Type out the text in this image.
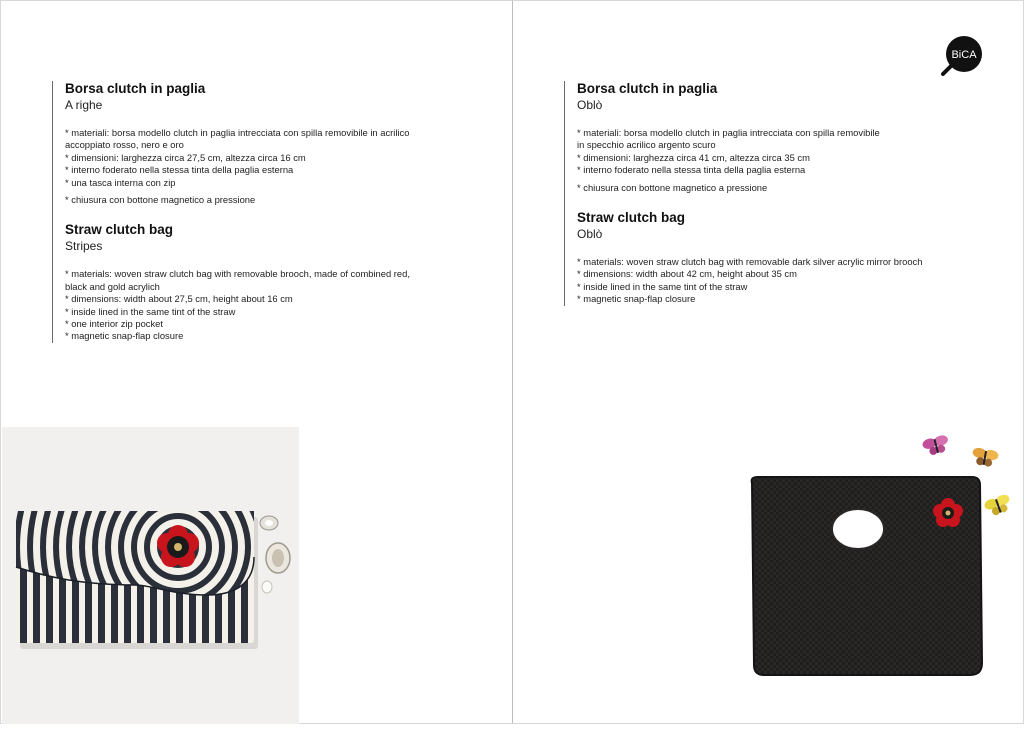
Borsa clutch in paglia
A righe
* materiali: borsa modello clutch in paglia intrecciata con spilla removibile in acrilico
accoppiato rosso, nero e oro
* dimensioni: larghezza circa 27,5 cm, altezza circa 16 cm
* interno foderato nella stessa tinta della paglia esterna
* una tasca interna con zip
* chiusura con bottone magnetico a pressione
Straw clutch bag
Stripes
* materials: woven straw clutch bag with removable brooch, made of combined red,
black and gold acrylich
* dimensions: width about 27,5 cm, height about 16 cm
* inside lined in the same tint of the straw
* one interior zip pocket
* magnetic snap-flap closure
BiCA
Borsa clutch in paglia
Oblò
* materiali: borsa modello clutch in paglia intrecciata con spilla removibile
in specchio acrilico argento scuro
* dimensioni: larghezza circa 41 cm, altezza circa 35 cm
* interno foderato nella stessa tinta della paglia esterna
* chiusura con bottone magnetico a pressione
Straw clutch bag
Oblò
* materials: woven straw clutch bag with removable dark silver acrylic mirror brooch
* dimensions: width about 42 cm, height about 35 cm
* inside lined in the same tint of the straw
* magnetic snap-flap closure
